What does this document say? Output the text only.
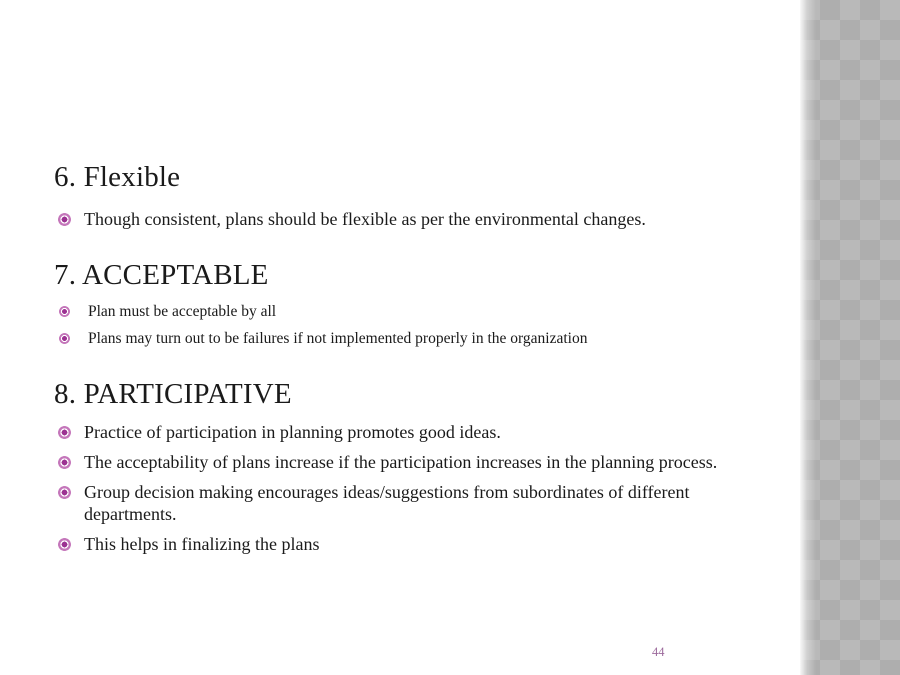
6. Flexible
Though consistent, plans should be flexible as per the environmental changes.
7. ACCEPTABLE
Plan must be acceptable by all
Plans may turn out to be failures if not implemented properly in the organization
8. PARTICIPATIVE
Practice of participation in planning promotes good ideas.
The acceptability of plans increase if the participation increases in the planning process.
Group decision making encourages ideas/suggestions from subordinates of different departments.
This helps in finalizing the plans
44
